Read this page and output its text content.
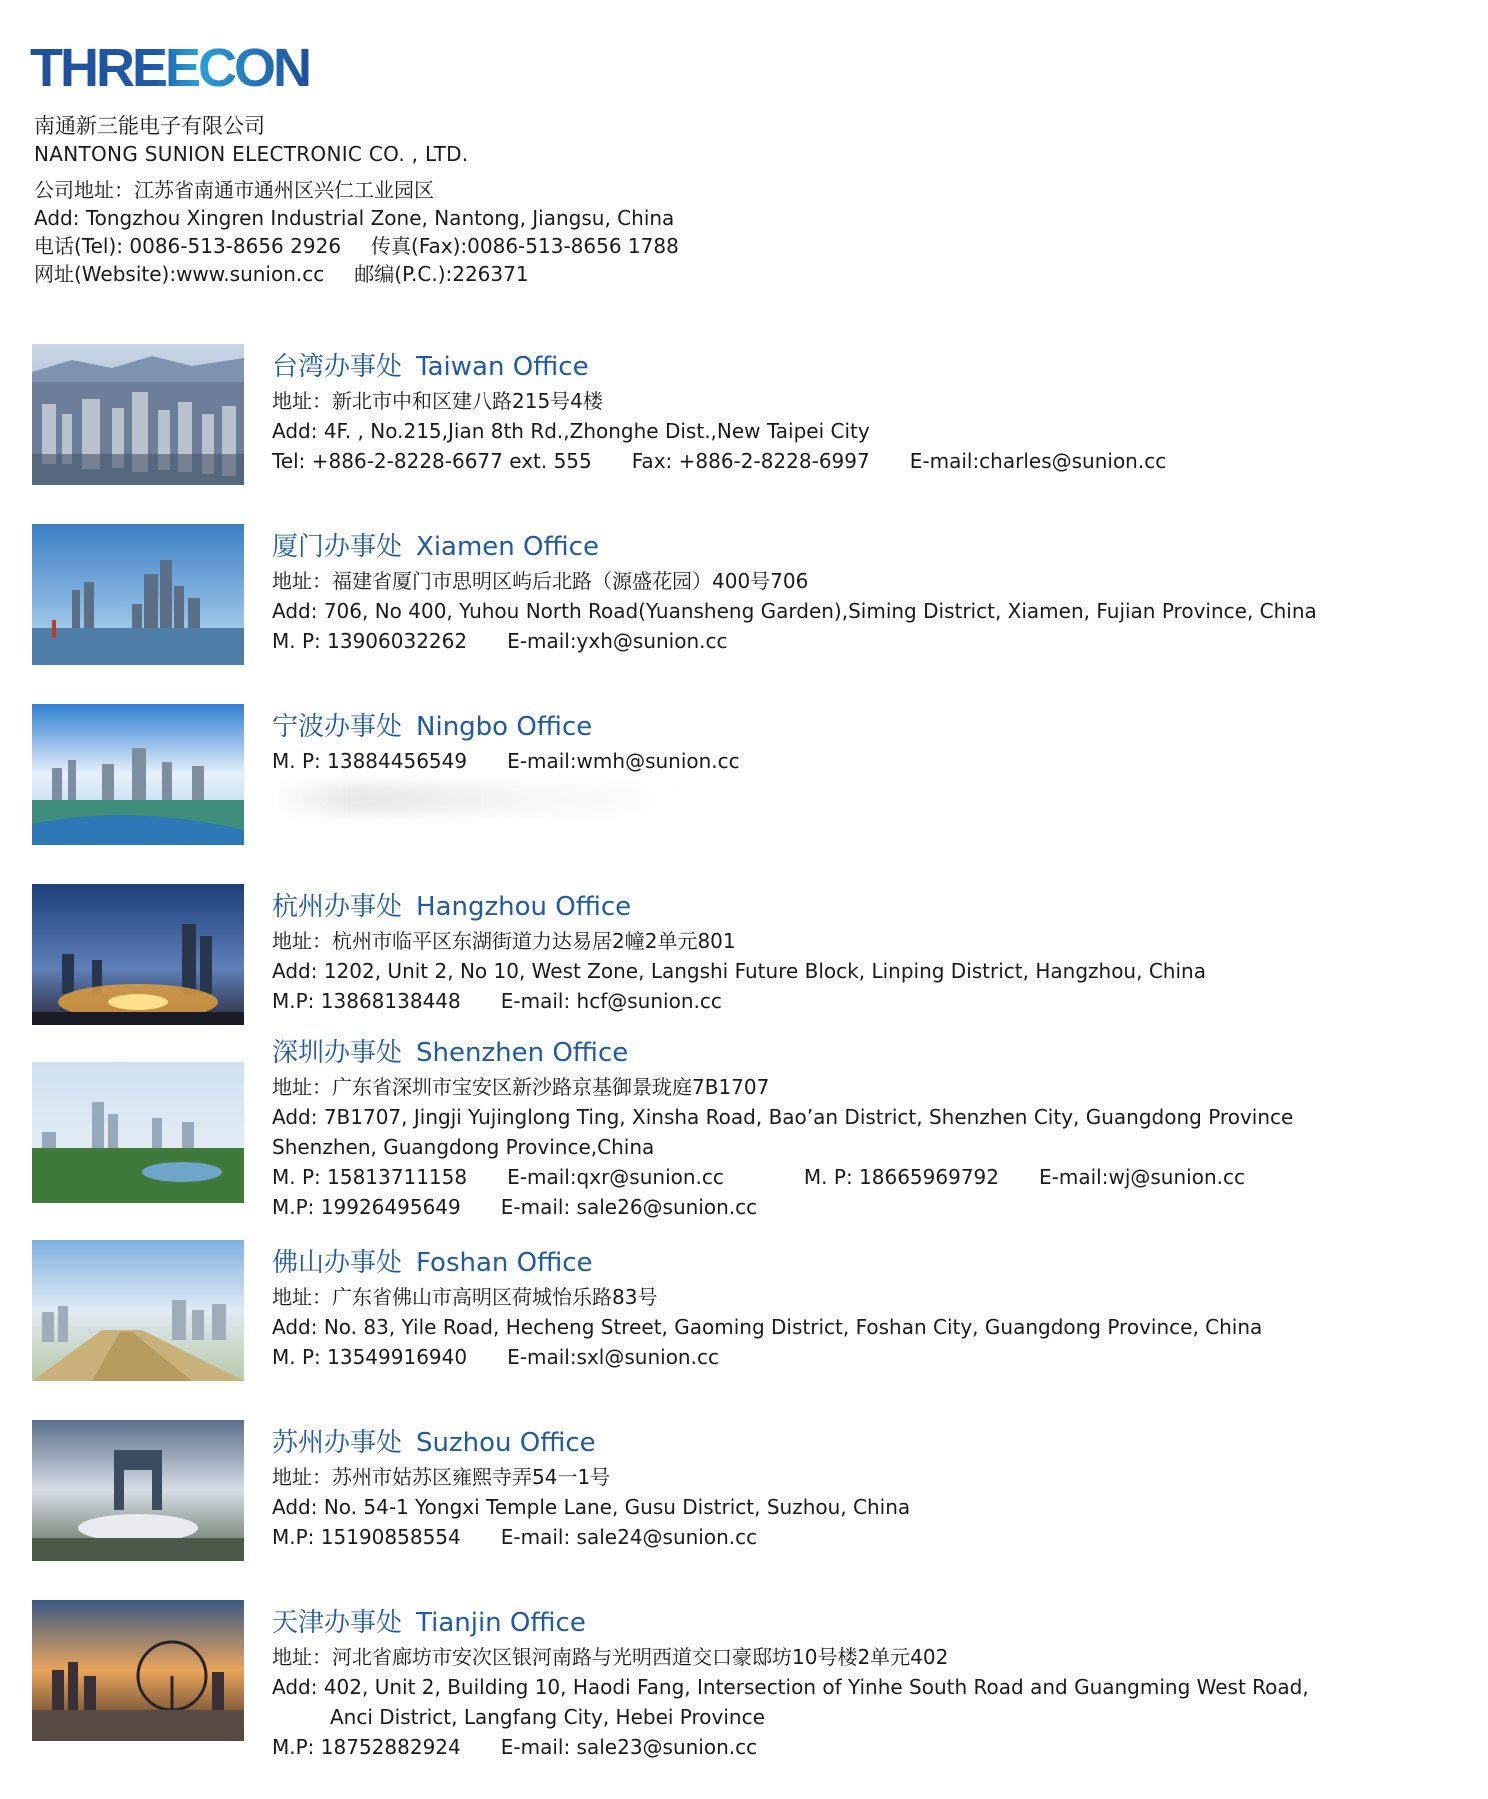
THREECON
南通新三能电子有限公司
NANTONG SUNION ELECTRONIC CO. , LTD.
公司地址：江苏省南通市通州区兴仁工业园区
Add: Tongzhou Xingren Industrial Zone, Nantong, Jiangsu, China
电话(Tel): 0086-513-8656 2926 传真(Fax):0086-513-8656 1788
网址(Website):www.sunion.cc 邮编(P.C.):226371
台湾办事处 Taiwan Office
地址：新北市中和区建八路215号4楼
Add: 4F. , No.215,Jian 8th Rd.,Zhonghe Dist.,New Taipei City
Tel: +886-2-8228-6677 ext. 555 Fax: +886-2-8228-6997 E-mail:charles@sunion.cc
厦门办事处 Xiamen Office
地址：福建省厦门市思明区屿后北路（源盛花园）400号706
Add: 706, No 400, Yuhou North Road(Yuansheng Garden),Siming District, Xiamen, Fujian Province, China
M. P: 13906032262 E-mail:yxh@sunion.cc
宁波办事处 Ningbo Office
M. P: 13884456549 E-mail:wmh@sunion.cc
杭州办事处 Hangzhou Office
地址：杭州市临平区东湖街道力达易居2幢2单元801
Add: 1202, Unit 2, No 10, West Zone, Langshi Future Block, Linping District, Hangzhou, China
M.P: 13868138448 E-mail: hcf@sunion.cc
深圳办事处 Shenzhen Office
地址：广东省深圳市宝安区新沙路京基御景珑庭7B1707
Add: 7B1707, Jingji Yujinglong Ting, Xinsha Road, Bao’an District, Shenzhen City, Guangdong Province
Shenzhen, Guangdong Province,China
M. P: 15813711158 E-mail:qxr@sunion.cc	M. P: 18665969792 E-mail:wj@sunion.cc
M.P: 19926495649 E-mail: sale26@sunion.cc
佛山办事处 Foshan Office
地址：广东省佛山市高明区荷城怡乐路83号
Add: No. 83, Yile Road, Hecheng Street, Gaoming District, Foshan City, Guangdong Province, China
M. P: 13549916940 E-mail:sxl@sunion.cc
苏州办事处 Suzhou Office
地址：苏州市姑苏区雍熙寺弄54一1号
Add: No. 54-1 Yongxi Temple Lane, Gusu District, Suzhou, China
M.P: 15190858554 E-mail: sale24@sunion.cc
天津办事处 Tianjin Office
地址：河北省廊坊市安次区银河南路与光明西道交口豪邸坊10号楼2单元402
Add: 402, Unit 2, Building 10, Haodi Fang, Intersection of Yinhe South Road and Guangming West Road,
Anci District, Langfang City, Hebei Province
M.P: 18752882924 E-mail: sale23@sunion.cc
